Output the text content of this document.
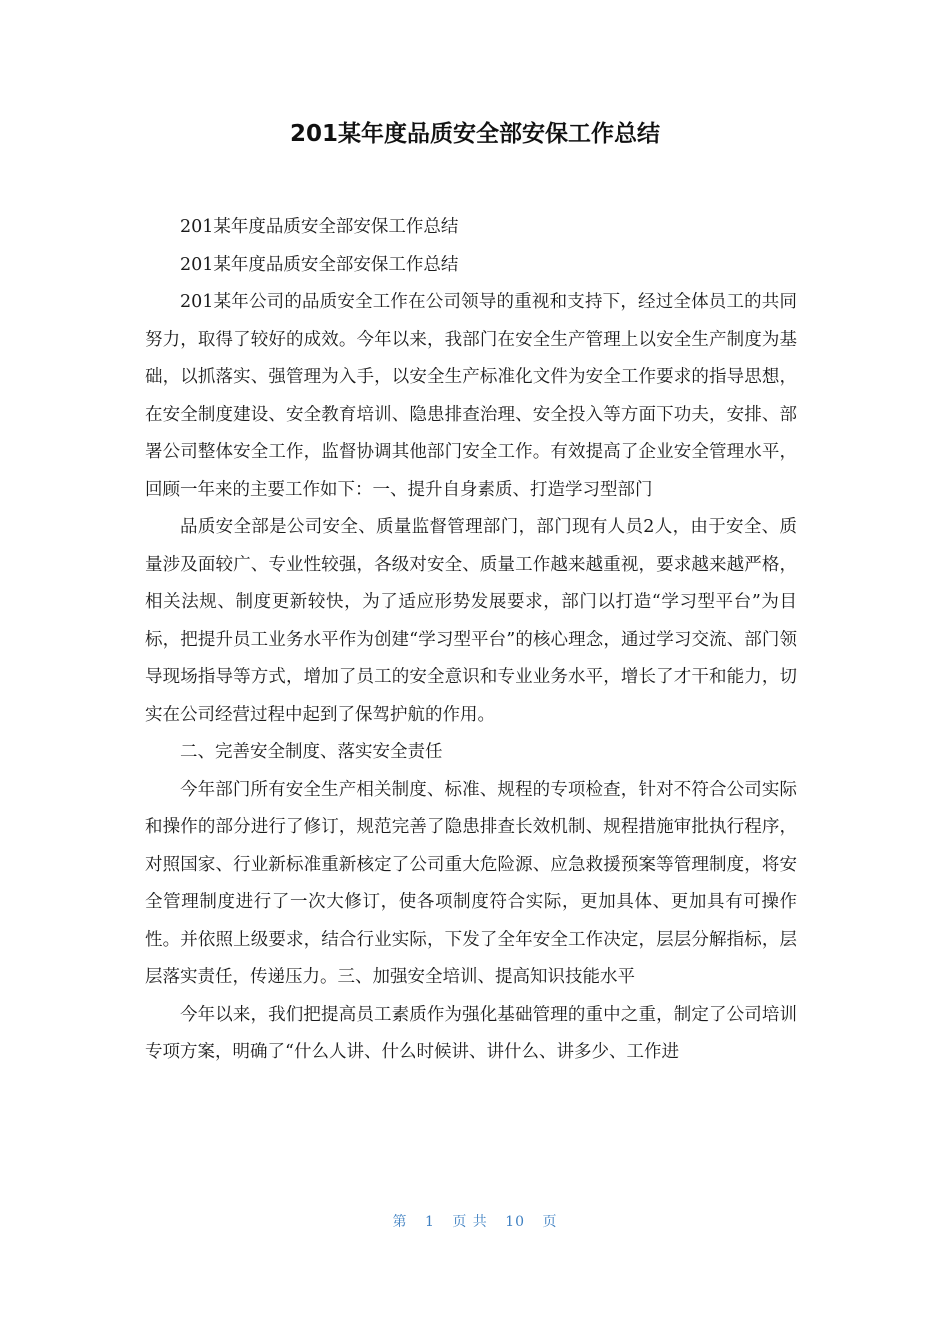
201某年度品质安全部安保工作总结

201某年度品质安全部安保工作总结

201某年度品质安全部安保工作总结

201某年公司的品质安全工作在公司领导的重视和支持下，经过全体员工的共同努力，取得了较好的成效。今年以来，我部门在安全生产管理上以安全生产制度为基础，以抓落实、强管理为入手，以安全生产标准化文件为安全工作要求的指导思想，在安全制度建设、安全教育培训、隐患排查治理、安全投入等方面下功夫，安排、部署公司整体安全工作，监督协调其他部门安全工作。有效提高了企业安全管理水平，回顾一年来的主要工作如下：一、提升自身素质、打造学习型部门

品质安全部是公司安全、质量监督管理部门，部门现有人员2人，由于安全、质量涉及面较广、专业性较强，各级对安全、质量工作越来越重视，要求越来越严格，相关法规、制度更新较快，为了适应形势发展要求，部门以打造“学习型平台”为目标，把提升员工业务水平作为创建“学习型平台”的核心理念，通过学习交流、部门领导现场指导等方式，增加了员工的安全意识和专业业务水平，增长了才干和能力，切实在公司经营过程中起到了保驾护航的作用。

二、完善安全制度、落实安全责任

今年部门所有安全生产相关制度、标准、规程的专项检查，针对不符合公司实际和操作的部分进行了修订，规范完善了隐患排查长效机制、规程措施审批执行程序，对照国家、行业新标准重新核定了公司重大危险源、应急救援预案等管理制度，将安全管理制度进行了一次大修订，使各项制度符合实际，更加具体、更加具有可操作性。并依照上级要求，结合行业实际，下发了全年安全工作决定，层层分解指标，层层落实责任，传递压力。三、加强安全培训、提高知识技能水平

今年以来，我们把提高员工素质作为强化基础管理的重中之重，制定了公司培训专项方案，明确了“什么人讲、什么时候讲、讲什么、讲多少、工作进

第 1 页 共 10 页
